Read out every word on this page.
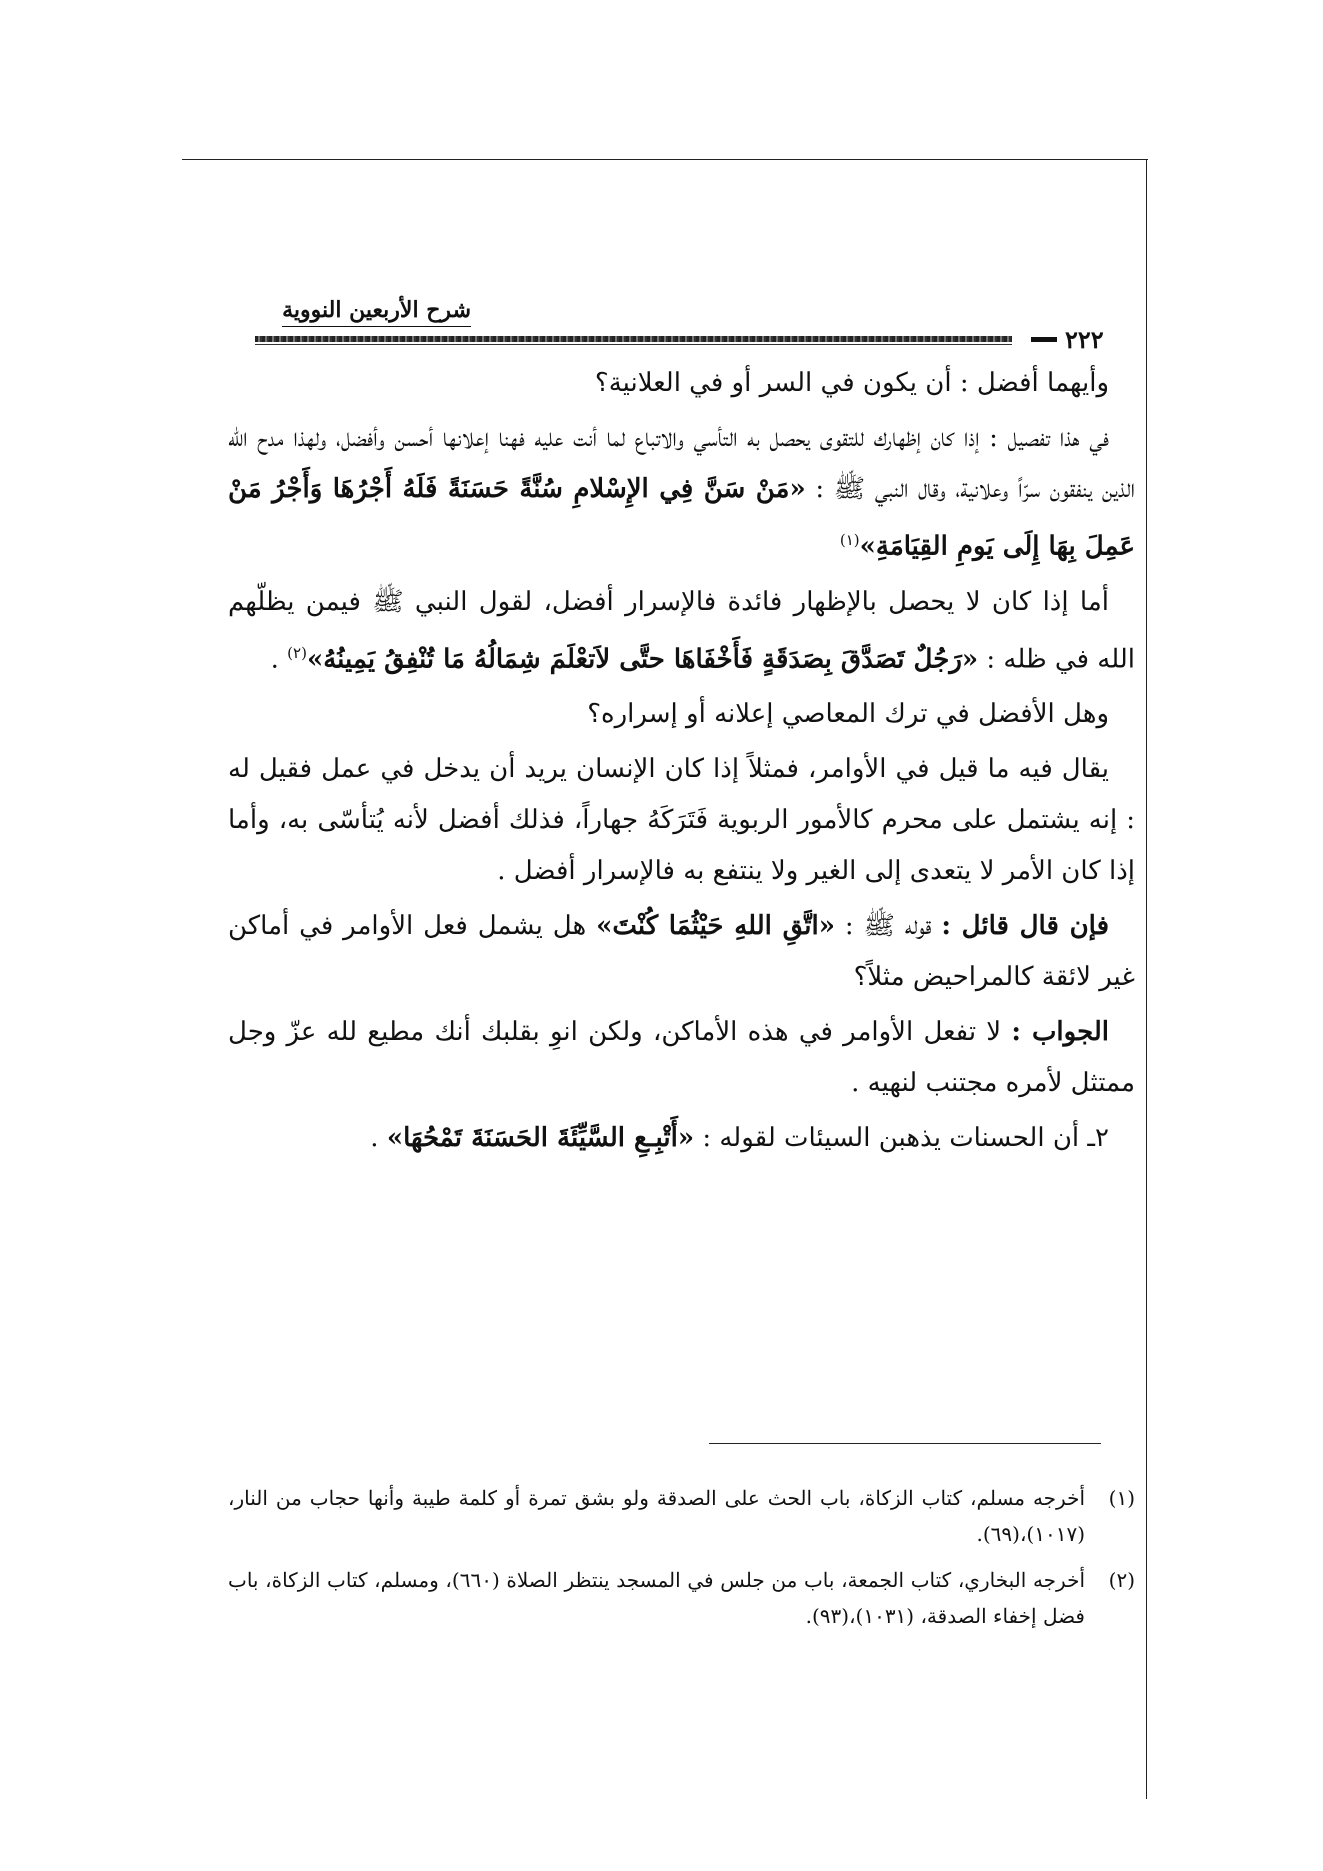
شرح الأربعين النووية
٢٢٢

وأيهما أفضل : أن يكون في السر أو في العلانية؟

في هذا تفصيل : إذا كان إظهارك للتقوى يحصل به التأسي والاتباع لما أنت عليه فهنا إعلانها أحسن وأفضل، ولهذا مدح الله الذين ينفقون سرّاً وعلانية، وقال النبي ﷺ : «مَنْ سَنَّ فِي الإِسْلامِ سُنَّةً حَسَنَةً فَلَهُ أَجْرُهَا وَأَجْرُ مَنْ عَمِلَ بِهَا إِلَى يَومِ القِيَامَةِ»$^{(١)}$

أما إذا كان لا يحصل بالإظهار فائدة فالإسرار أفضل، لقول النبي ﷺ فيمن يظلّهم الله في ظله : «رَجُلٌ تَصَدَّقَ بِصَدَقَةٍ فَأَخْفَاهَا حتَّى لاَتعْلَمَ شِمَالُهُ مَا تُنْفِقُ يَمِينُهُ»$^{(٢)}$ .

وهل الأفضل في ترك المعاصي إعلانه أو إسراره؟

يقال فيه ما قيل في الأوامر، فمثلاً إذا كان الإنسان يريد أن يدخل في عمل فقيل له : إنه يشتمل على محرم كالأمور الربوية فَتَرَكَهُ جهاراً، فذلك أفضل لأنه يُتأسّى به، وأما إذا كان الأمر لا يتعدى إلى الغير ولا ينتفع به فالإسرار أفضل .

فإن قال قائل : قوله ﷺ : «اتَّقِ اللهِ حَيْثُمَا كُنْتَ» هل يشمل فعل الأوامر في أماكن غير لائقة كالمراحيض مثلاً؟

الجواب : لا تفعل الأوامر في هذه الأماكن، ولكن انوِ بقلبك أنك مطيع لله عزّ وجل ممتثل لأمره مجتنب لنهيه .

٢ـ أن الحسنات يذهبن السيئات لقوله : «أَتْبِـعِ السَّيِّئَةَ الحَسَنَةَ تَمْحُهَا» .

(١)
أخرجه مسلم، كتاب الزكاة، باب الحث على الصدقة ولو بشق تمرة أو كلمة طيبة وأنها حجاب من النار، (١٠١٧)،(٦٩).
(٢)
أخرجه البخاري، كتاب الجمعة، باب من جلس في المسجد ينتظر الصلاة (٦٦٠)، ومسلم، كتاب الزكاة، باب فضل إخفاء الصدقة، (١٠٣١)،(٩٣).
